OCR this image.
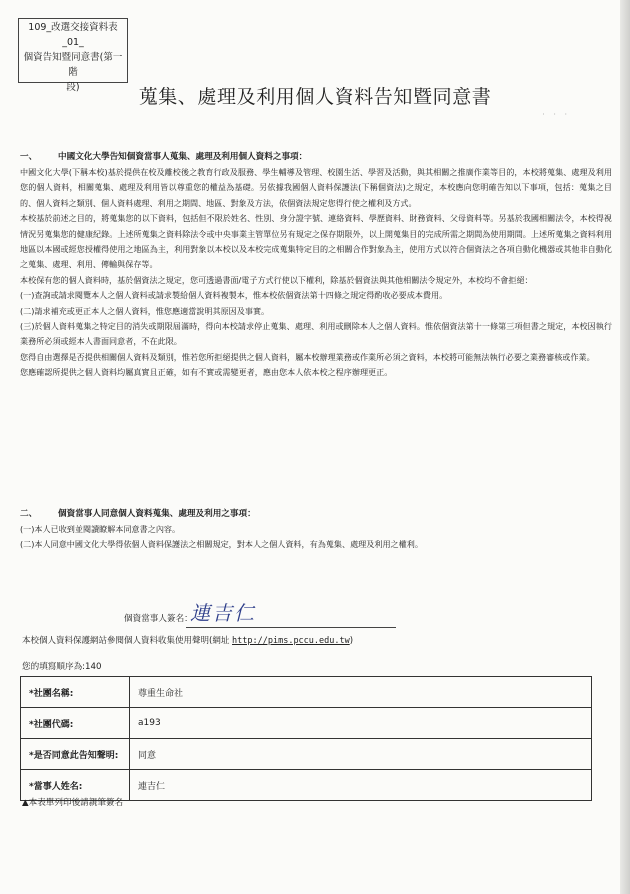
109_改選交接資料表_01_
個資告知暨同意書(第一階
段)	蒐集、處理及利用個人資料告知暨同意書
· · ·
一、 中國文化大學告知個資當事人蒐集、處理及利用個人資料之事項：

中國文化大學(下稱本校)基於提供在校及離校後之教育行政及服務、學生輔導及管理、校園生活、學習及活動，與其相關之推廣作業等目的，本校將蒐集、處理及利用您的個人資料，相關蒐集、處理及利用皆以尊重您的權益為基礎。另依據我國個人資料保護法(下稱個資法)之規定，本校應向您明確告知以下事項，包括：蒐集之目的、個人資料之類別、個人資料處理、利用之期間、地區、對象及方法，依個資法規定您得行使之權利及方式。

本校基於前述之目的，將蒐集您的以下資料，包括但不限於姓名、性別、身分證字號、連絡資料、學歷資料、財務資料、父母資料等。另基於我國相關法令，本校得視情況另蒐集您的健康紀錄。上述所蒐集之資料除法令或中央事業主管單位另有規定之保存期限外，以上開蒐集目的完成所需之期間為使用期間。上述所蒐集之資料利用地區以本國或經您授權得使用之地區為主，利用對象以本校以及本校完成蒐集特定目的之相關合作對象為主，使用方式以符合個資法之各項自動化機器或其他非自動化之蒐集、處理、利用、傳輸與保存等。

本校保有您的個人資料時，基於個資法之規定，您可透過書面/電子方式行使以下權利，除基於個資法與其他相關法令規定外，本校均不會拒絕：

(一)查詢或請求閱覽本人之個人資料或請求製給個人資料複製本，惟本校依個資法第十四條之規定得酌收必要成本費用。

(二)請求補充或更正本人之個人資料，惟您應適當說明其原因及事實。

(三)於個人資料蒐集之特定目的消失或期限屆滿時，得向本校請求停止蒐集、處理、利用或刪除本人之個人資料。惟依個資法第十一條第三項但書之規定，本校因執行業務所必須或經本人書面同意者，不在此限。

您得自由選擇是否提供相關個人資料及類別，惟若您所拒絕提供之個人資料，屬本校辦理業務或作業所必須之資料，本校將可能無法執行必要之業務審核或作業。

您應確認所提供之個人資料均屬真實且正確，如有不實或需變更者，應由您本人依本校之程序辦理更正。

二、 個資當事人同意個人資料蒐集、處理及利用之事項：

(一)本人已收到並閱讀瞭解本同意書之內容。

(二)本人同意中國文化大學得依個人資料保護法之相關規定，對本人之個人資料，有為蒐集、處理及利用之權利。

個資當事人簽名：
連吉仁
本校個人資料保護網站參閱個人資料收集使用聲明(網址 http://pims.pccu.edu.tw)
您的填寫順序為:140
*社團名稱:	尊重生命社
*社團代碼:	a193
*是否同意此告知聲明:	同意
*當事人姓名:	連吉仁
▲本表單列印後請親筆簽名
